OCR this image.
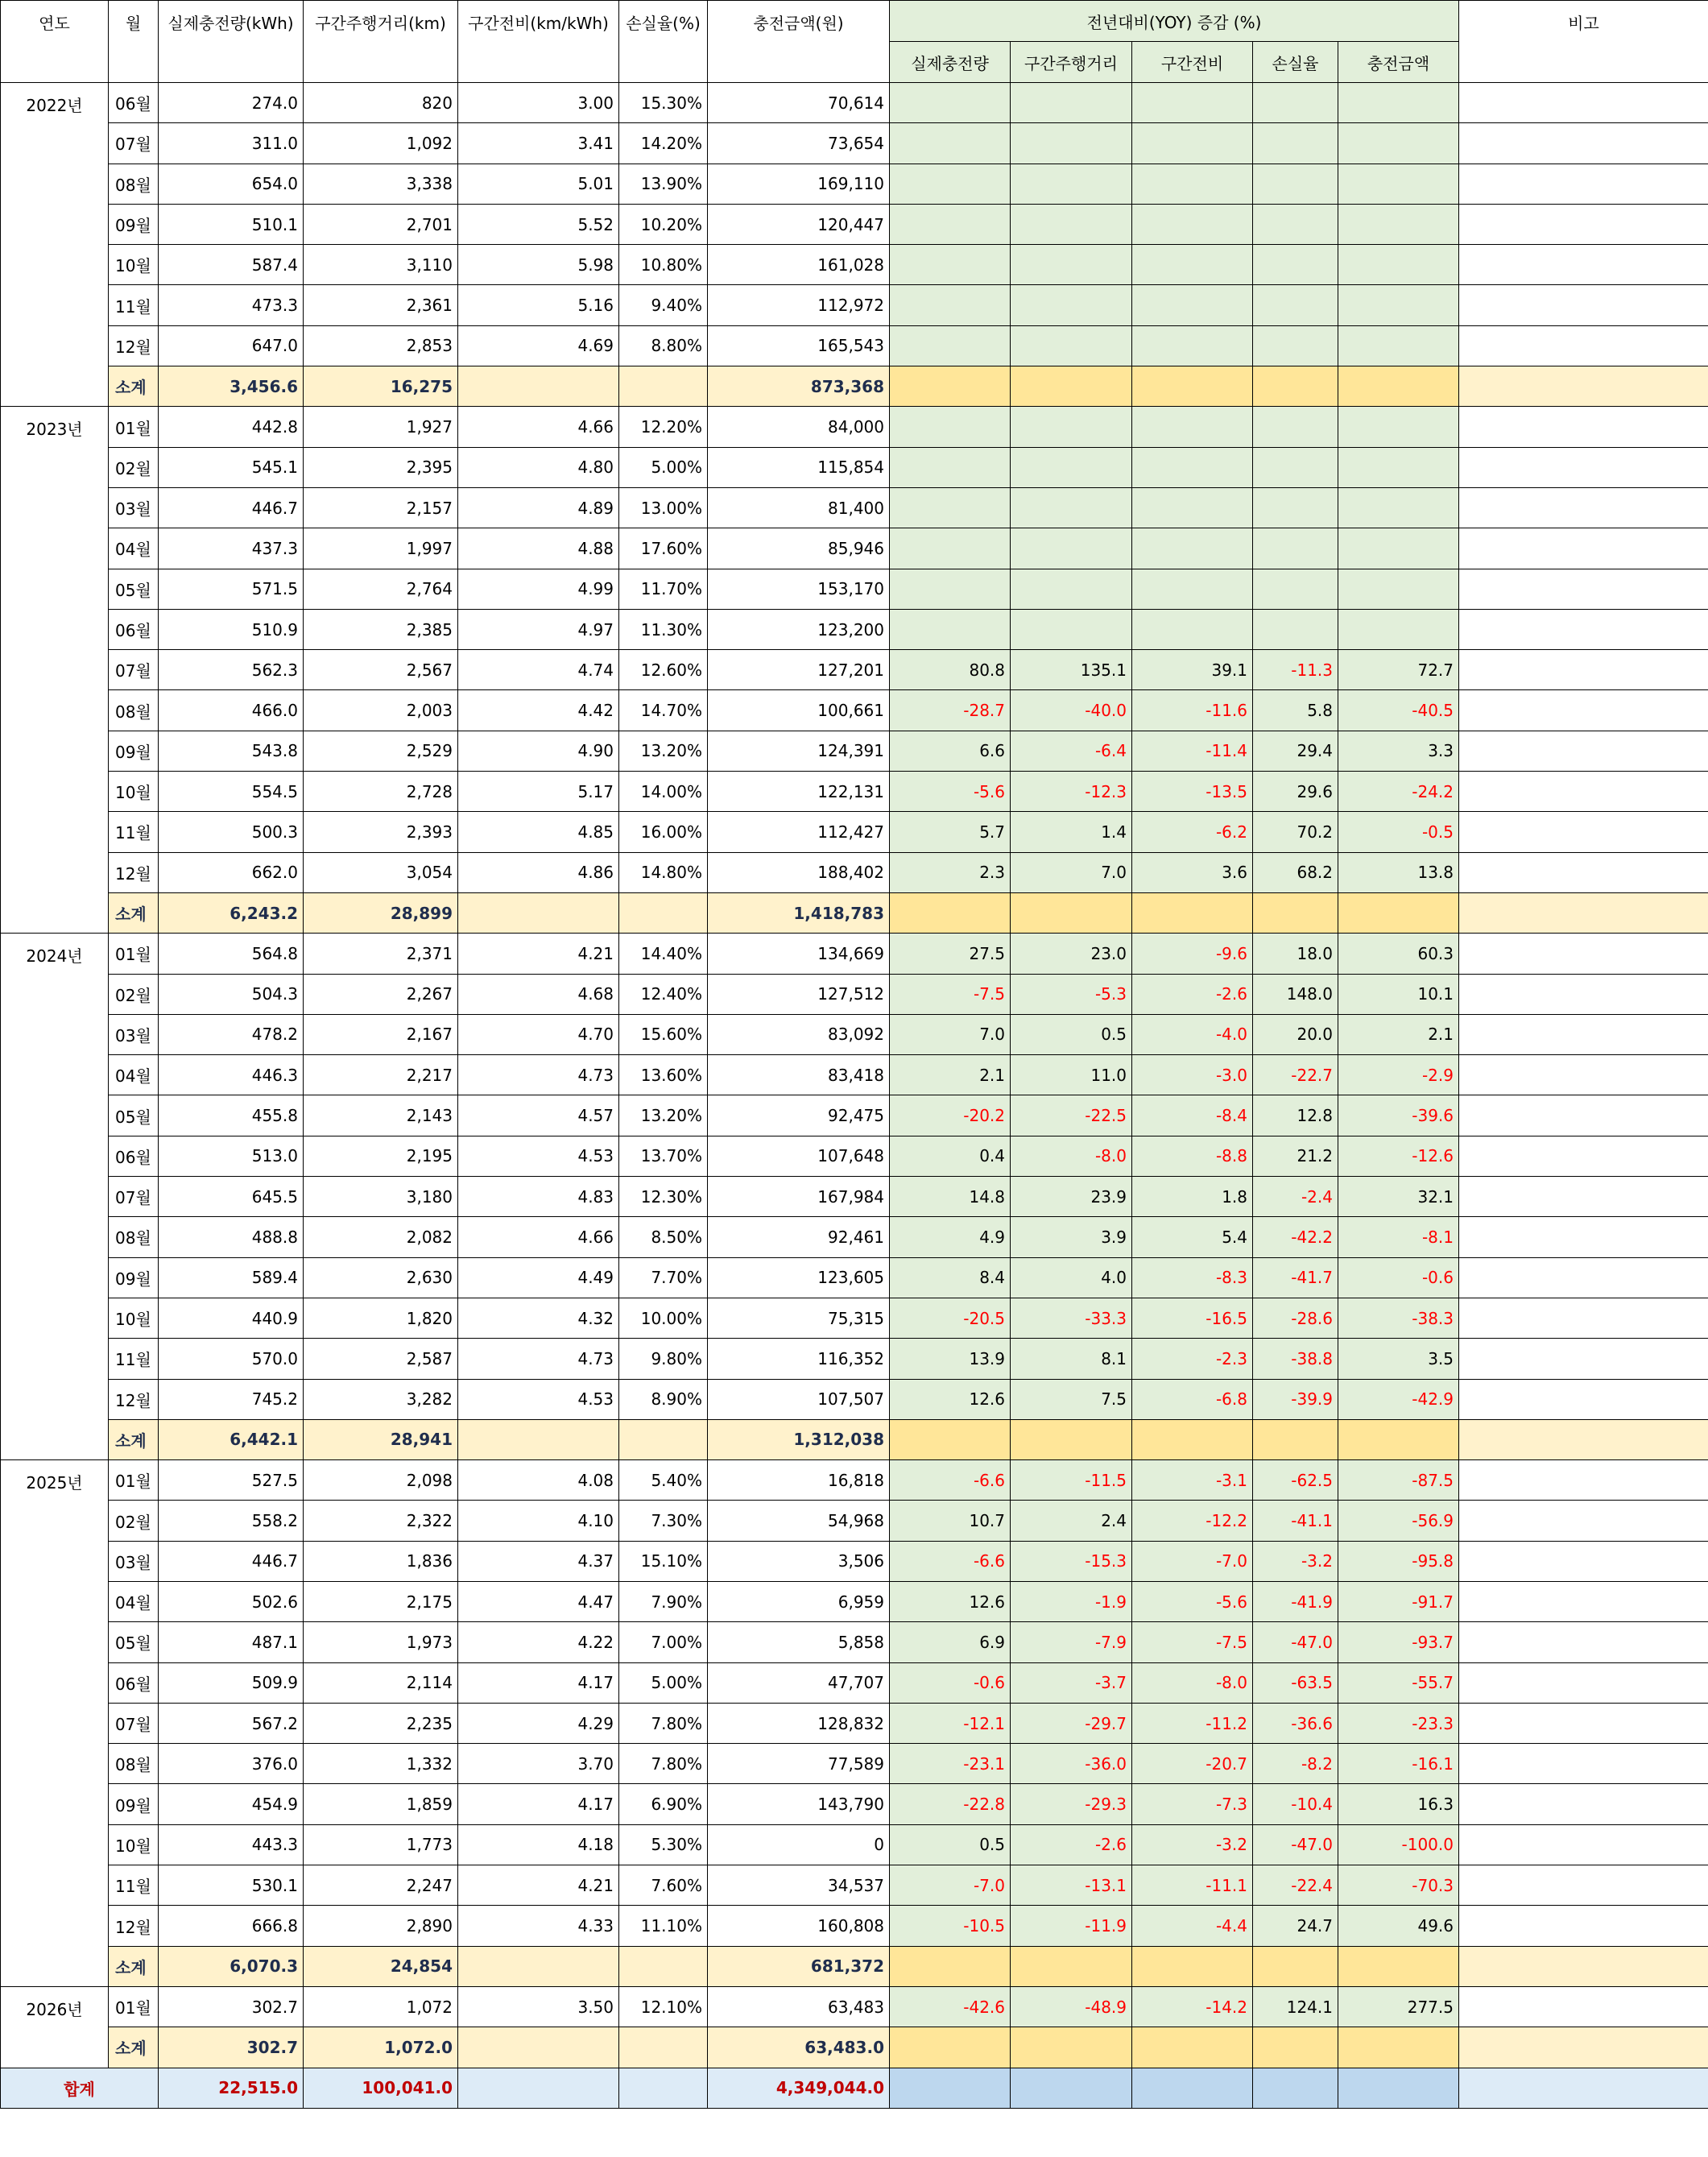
연도	월	실제충전량(kWh)	구간주행거리(km)	구간전비(km/kWh)	손실율(%)	충전금액(원)	전년대비(YOY) 증감 (%)					비고
							실제충전량	구간주행거리	구간전비	손실율	충전금액	
2022년	06월	274.0	820	3.00	15.30%	70,614						
	07월	311.0	1,092	3.41	14.20%	73,654						
	08월	654.0	3,338	5.01	13.90%	169,110						
	09월	510.1	2,701	5.52	10.20%	120,447						
	10월	587.4	3,110	5.98	10.80%	161,028						
	11월	473.3	2,361	5.16	9.40%	112,972						
	12월	647.0	2,853	4.69	8.80%	165,543						
	소계	3,456.6	16,275			873,368						
2023년	01월	442.8	1,927	4.66	12.20%	84,000						
	02월	545.1	2,395	4.80	5.00%	115,854						
	03월	446.7	2,157	4.89	13.00%	81,400						
	04월	437.3	1,997	4.88	17.60%	85,946						
	05월	571.5	2,764	4.99	11.70%	153,170						
	06월	510.9	2,385	4.97	11.30%	123,200						
	07월	562.3	2,567	4.74	12.60%	127,201	80.8	135.1	39.1	-11.3	72.7	
	08월	466.0	2,003	4.42	14.70%	100,661	-28.7	-40.0	-11.6	5.8	-40.5	
	09월	543.8	2,529	4.90	13.20%	124,391	6.6	-6.4	-11.4	29.4	3.3	
	10월	554.5	2,728	5.17	14.00%	122,131	-5.6	-12.3	-13.5	29.6	-24.2	
	11월	500.3	2,393	4.85	16.00%	112,427	5.7	1.4	-6.2	70.2	-0.5	
	12월	662.0	3,054	4.86	14.80%	188,402	2.3	7.0	3.6	68.2	13.8	
	소계	6,243.2	28,899			1,418,783						
2024년	01월	564.8	2,371	4.21	14.40%	134,669	27.5	23.0	-9.6	18.0	60.3	
	02월	504.3	2,267	4.68	12.40%	127,512	-7.5	-5.3	-2.6	148.0	10.1	
	03월	478.2	2,167	4.70	15.60%	83,092	7.0	0.5	-4.0	20.0	2.1	
	04월	446.3	2,217	4.73	13.60%	83,418	2.1	11.0	-3.0	-22.7	-2.9	
	05월	455.8	2,143	4.57	13.20%	92,475	-20.2	-22.5	-8.4	12.8	-39.6	
	06월	513.0	2,195	4.53	13.70%	107,648	0.4	-8.0	-8.8	21.2	-12.6	
	07월	645.5	3,180	4.83	12.30%	167,984	14.8	23.9	1.8	-2.4	32.1	
	08월	488.8	2,082	4.66	8.50%	92,461	4.9	3.9	5.4	-42.2	-8.1	
	09월	589.4	2,630	4.49	7.70%	123,605	8.4	4.0	-8.3	-41.7	-0.6	
	10월	440.9	1,820	4.32	10.00%	75,315	-20.5	-33.3	-16.5	-28.6	-38.3	
	11월	570.0	2,587	4.73	9.80%	116,352	13.9	8.1	-2.3	-38.8	3.5	
	12월	745.2	3,282	4.53	8.90%	107,507	12.6	7.5	-6.8	-39.9	-42.9	
	소계	6,442.1	28,941			1,312,038						
2025년	01월	527.5	2,098	4.08	5.40%	16,818	-6.6	-11.5	-3.1	-62.5	-87.5	
	02월	558.2	2,322	4.10	7.30%	54,968	10.7	2.4	-12.2	-41.1	-56.9	
	03월	446.7	1,836	4.37	15.10%	3,506	-6.6	-15.3	-7.0	-3.2	-95.8	
	04월	502.6	2,175	4.47	7.90%	6,959	12.6	-1.9	-5.6	-41.9	-91.7	
	05월	487.1	1,973	4.22	7.00%	5,858	6.9	-7.9	-7.5	-47.0	-93.7	
	06월	509.9	2,114	4.17	5.00%	47,707	-0.6	-3.7	-8.0	-63.5	-55.7	
	07월	567.2	2,235	4.29	7.80%	128,832	-12.1	-29.7	-11.2	-36.6	-23.3	
	08월	376.0	1,332	3.70	7.80%	77,589	-23.1	-36.0	-20.7	-8.2	-16.1	
	09월	454.9	1,859	4.17	6.90%	143,790	-22.8	-29.3	-7.3	-10.4	16.3	
	10월	443.3	1,773	4.18	5.30%	0	0.5	-2.6	-3.2	-47.0	-100.0	
	11월	530.1	2,247	4.21	7.60%	34,537	-7.0	-13.1	-11.1	-22.4	-70.3	
	12월	666.8	2,890	4.33	11.10%	160,808	-10.5	-11.9	-4.4	24.7	49.6	
	소계	6,070.3	24,854			681,372						
2026년	01월	302.7	1,072	3.50	12.10%	63,483	-42.6	-48.9	-14.2	124.1	277.5	
	소계	302.7	1,072.0			63,483.0						
합계		22,515.0	100,041.0			4,349,044.0						
